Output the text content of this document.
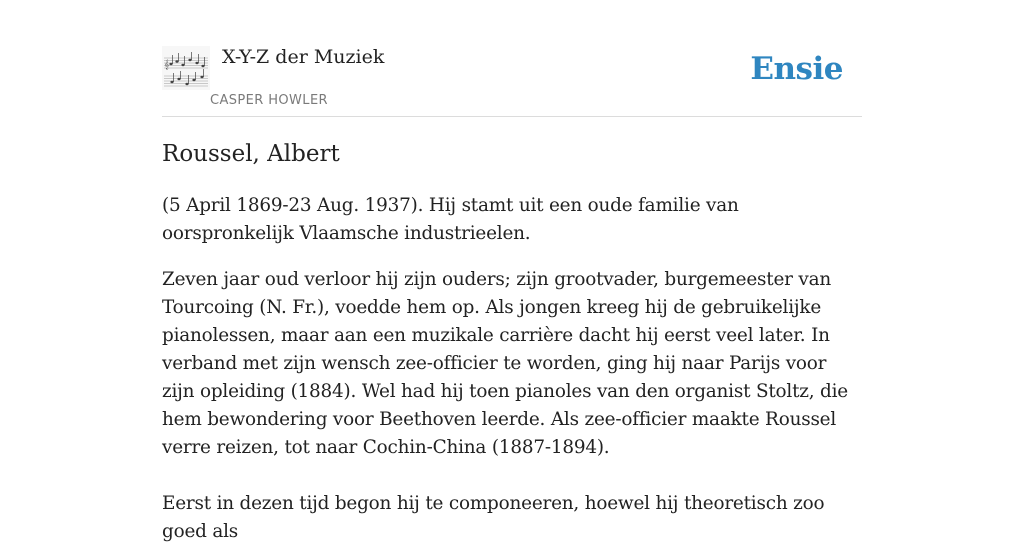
𝄞	X-Y-Z der Muziek
CASPER HOWLER
Ensie
Roussel, Albert

(5 April 1869-23 Aug. 1937). Hij stamt uit een oude familie van oorspronkelijk Vlaamsche industrieelen.

Zeven jaar oud verloor hij zijn ouders; zijn grootvader, burgemeester van Tourcoing (N. Fr.), voedde hem op. Als jongen kreeg hij de gebruikelijke pianolessen, maar aan een muzikale carrière dacht hij eerst veel later. In verband met zijn wensch zee-officier te worden, ging hij naar Parijs voor zijn opleiding (1884). Wel had hij toen pianoles van den organist Stoltz, die hem bewondering voor Beethoven leerde. Als zee-officier maakte Roussel verre reizen, tot naar Cochin-China (1887-1894).

Eerst in dezen tijd begon hij te componeeren, hoewel hij theoretisch zoo goed als
